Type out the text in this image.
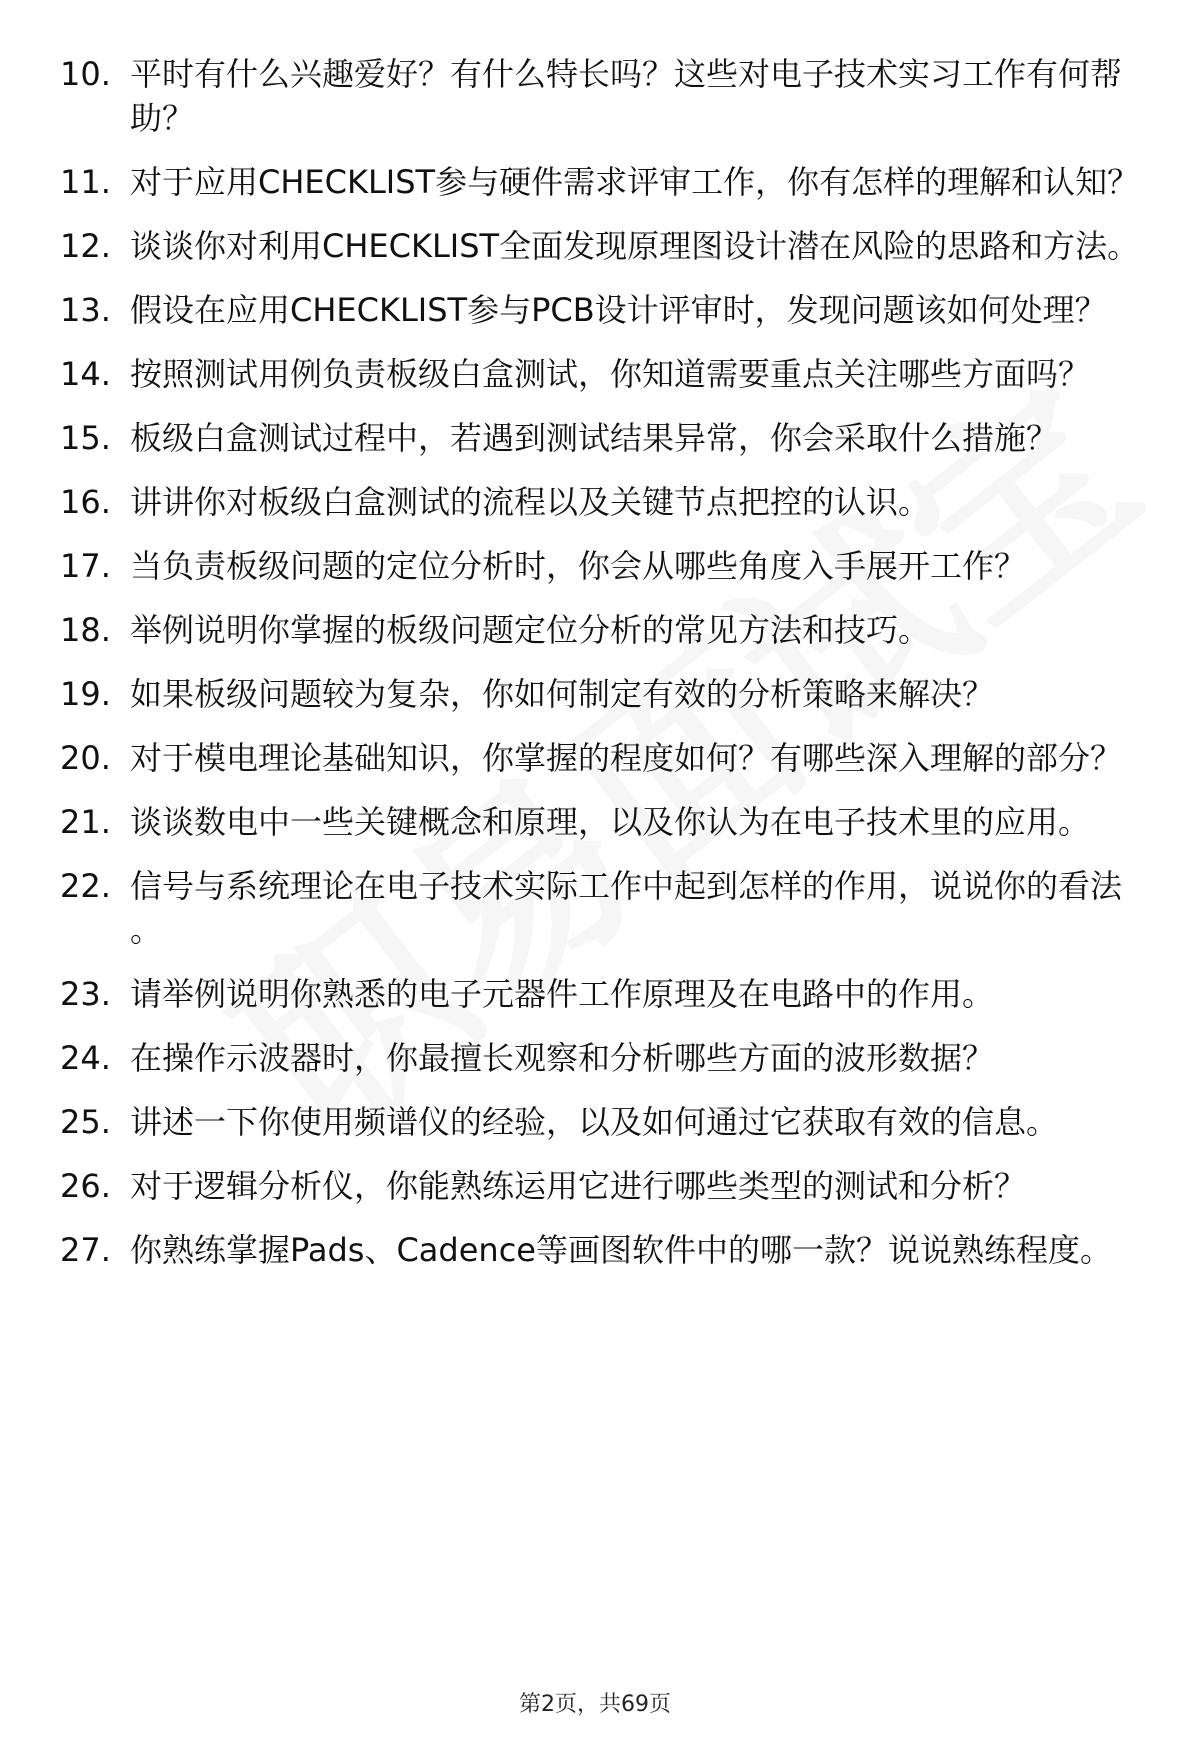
10. 平时有什么兴趣爱好？有什么特长吗？这些对电子技术实习工作有何帮助？
11. 对于应用CHECKLIST参与硬件需求评审工作，你有怎样的理解和认知？
12. 谈谈你对利用CHECKLIST全面发现原理图设计潜在风险的思路和方法。
13. 假设在应用CHECKLIST参与PCB设计评审时，发现问题该如何处理？
14. 按照测试用例负责板级白盒测试，你知道需要重点关注哪些方面吗？
15. 板级白盒测试过程中，若遇到测试结果异常，你会采取什么措施？
16. 讲讲你对板级白盒测试的流程以及关键节点把控的认识。
17. 当负责板级问题的定位分析时，你会从哪些角度入手展开工作？
18. 举例说明你掌握的板级问题定位分析的常见方法和技巧。
19. 如果板级问题较为复杂，你如何制定有效的分析策略来解决？
20. 对于模电理论基础知识，你掌握的程度如何？有哪些深入理解的部分？
21. 谈谈数电中一些关键概念和原理，以及你认为在电子技术里的应用。
22. 信号与系统理论在电子技术实际工作中起到怎样的作用，说说你的看法。
23. 请举例说明你熟悉的电子元器件工作原理及在电路中的作用。
24. 在操作示波器时，你最擅长观察和分析哪些方面的波形数据？
25. 讲述一下你使用频谱仪的经验，以及如何通过它获取有效的信息。
26. 对于逻辑分析仪，你能熟练运用它进行哪些类型的测试和分析？
27. 你熟练掌握Pads、Cadence等画图软件中的哪一款？说说熟练程度。
第2页，共69页
